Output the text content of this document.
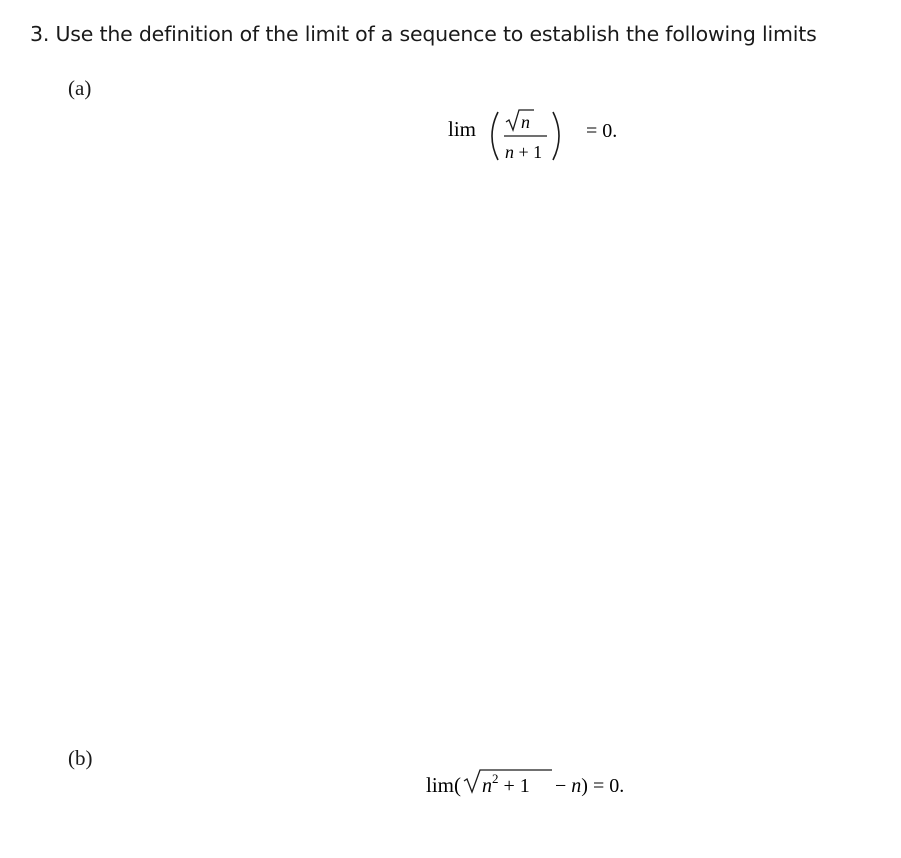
3. Use the definition of the limit of a sequence to establish the following limits
(a)
lim n
n + 1
= 0.
(b)
lim( $n^2 + 1 - n) = 0$.
